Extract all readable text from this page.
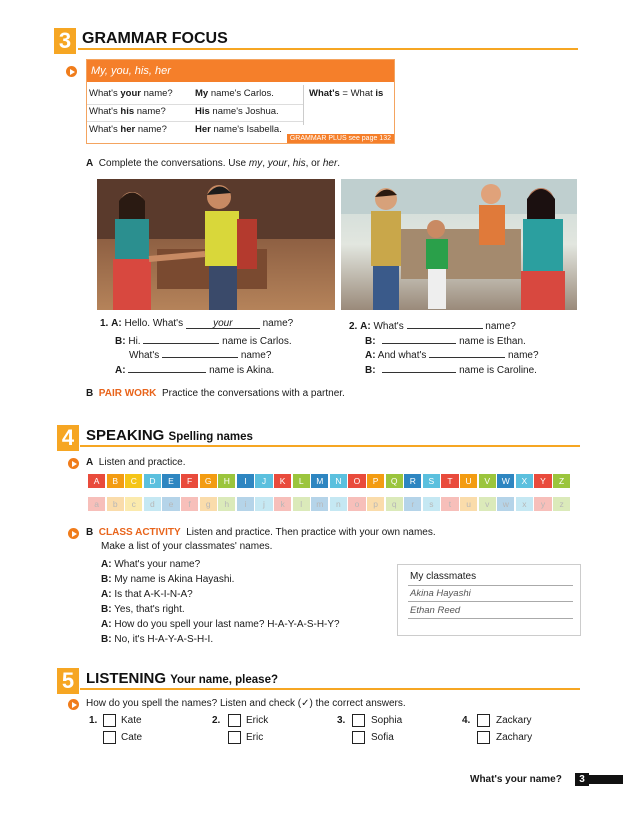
3 GRAMMAR FOCUS
My, you, his, her
What's your name? My name's Carlos.
What's his name?	His name's Joshua.
What's her name?	Her name's Isabella.
What's = What is
GRAMMAR PLUS see page 132
A Complete the conversations. Use my, your, his, or her.
1. A: Hello. What's	your	name?
B: Hi.	name is Carlos.
What's	name?
A:	name is Akina.
2. A: What's	name?
B:	name is Ethan.
A: And what's	name?
B:	name is Caroline.
B PAIR WORK Practice the conversations with a partner.
4 SPEAKING Spelling names
A Listen and practice.
B CLASS ACTIVITY Listen and practice. Then practice with your own names.
Make a list of your classmates' names.
A: What's your name?
B: My name is Akina Hayashi.
A: Is that A-K-I-N-A?
B: Yes, that's right.
A: How do you spell your last name? H-A-Y-A-S-H-Y?
B: No, it's H-A-Y-A-S-H-I.
My classmates
Akina Hayashi
Ethan Reed
5 LISTENING Your name, please?
How do you spell the names? Listen and check (✓) the correct answers.
1. Kate
Cate
2.	Erick
Eric
3.	Sophia
Sofia
4.	Zackary
Zachary
What's your name?	3
A
a
B
b
C
c
D
d
E
e
F
f
G
g
H
h
I
i
J
j
K
k
L
l
M
m
N
n
O
o
P
p
Q
q
R
r
S
s
T
t
U
u
V
v
W
w
X
x
Y
y
Z
z
